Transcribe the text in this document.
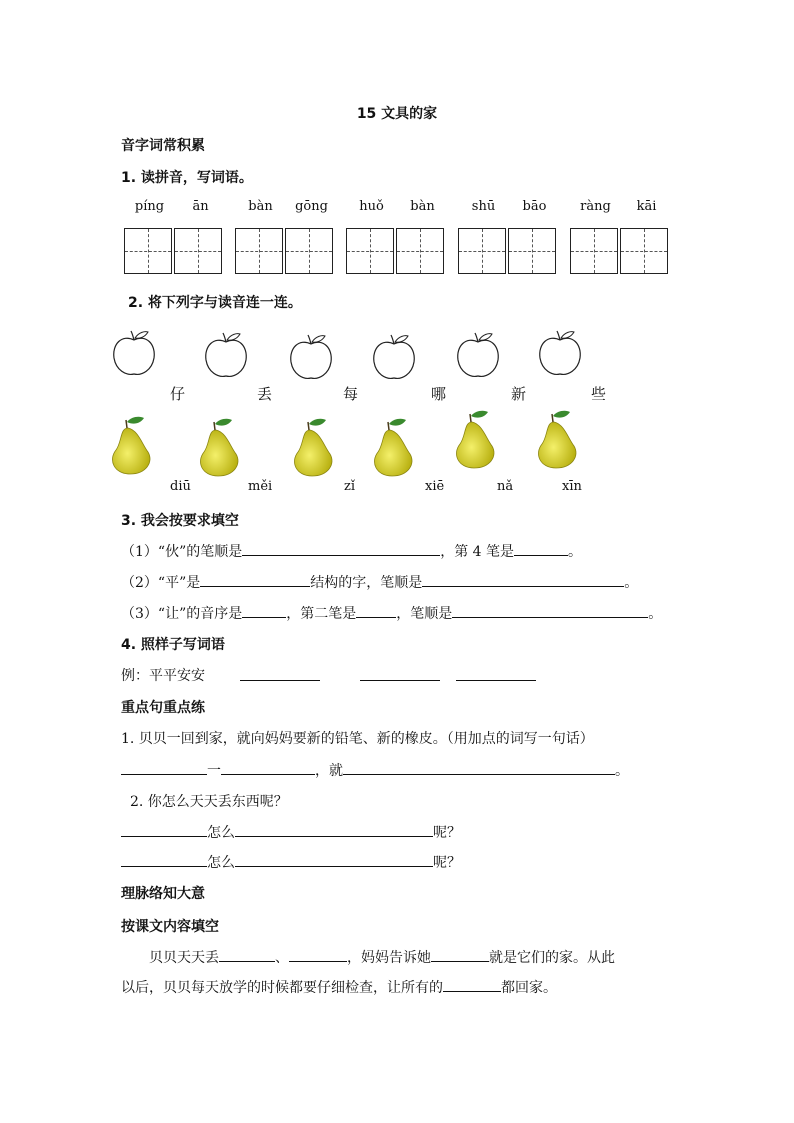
15 文具的家
音字词常积累
1. 读拼音，写词语。
píng ān	bàn gōng	huǒ bàn	shū bāo	ràng kāi
2. 将下列字与读音连一连。
仔	丢	每	哪	新	些
diū	měi	zǐ	xiē	nǎ	xīn
3. 我会按要求填空
（1）“伙”的笔顺是	，第 4 笔是	。
（2）“平”是	结构的字，笔顺是	。
（3）“让”的音序是	，第二笔是	，笔顺是	。
4. 照样子写词语
例：平平安安
重点句重点练
1. 贝贝一回到家，就向妈妈要新的铅笔、新的橡皮。（用加点的词写一句话）
一	，就	。
2. 你怎么天天丢东西呢？
怎么	呢？
怎么	呢？
理脉络知大意
按课文内容填空
贝贝天天丢	、	，妈妈告诉她	就是它们的家。从此
以后，贝贝每天放学的时候都要仔细检查，让所有的	都回家。
